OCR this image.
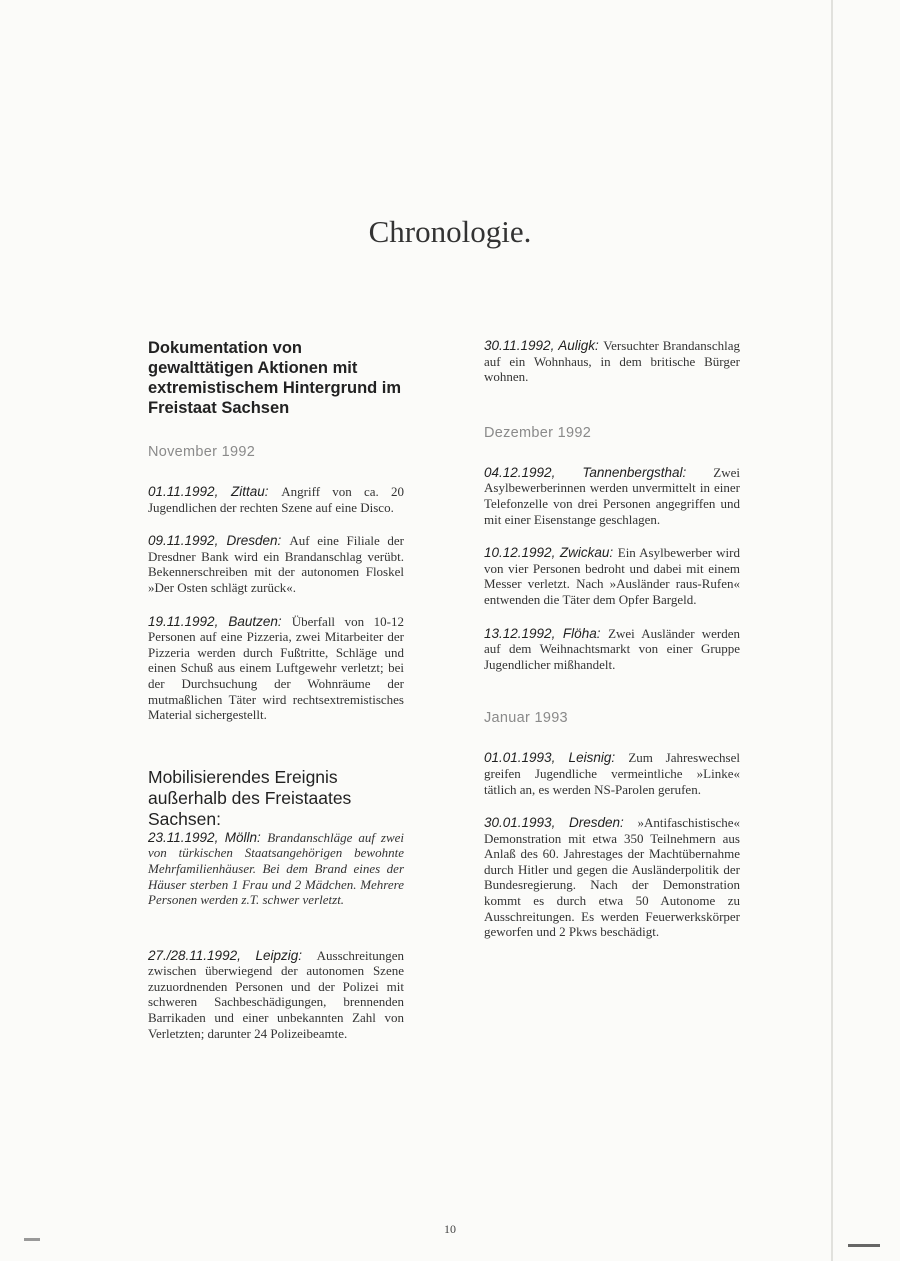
Chronologie.

Dokumentation von gewalttätigen Aktionen mit extremistischem Hintergrund im Freistaat Sachsen

November 1992

01.11.1992, Zittau: Angriff von ca. 20 Jugendlichen der rechten Szene auf eine Disco.

09.11.1992, Dresden: Auf eine Filiale der Dresdner Bank wird ein Brandanschlag verübt. Bekennerschreiben mit der autonomen Floskel »Der Osten schlägt zurück«.

19.11.1992, Bautzen: Überfall von 10-12 Personen auf eine Pizzeria, zwei Mitarbeiter der Pizzeria werden durch Fußtritte, Schläge und einen Schuß aus einem Luftgewehr verletzt; bei der Durchsuchung der Wohnräume der mutmaßlichen Täter wird rechtsextremistisches Material sichergestellt.

Mobilisierendes Ereignis außerhalb des Freistaates Sachsen:

23.11.1992, Mölln: Brandanschläge auf zwei von türkischen Staatsangehörigen bewohnte Mehrfamilienhäuser. Bei dem Brand eines der Häuser sterben 1 Frau und 2 Mädchen. Mehrere Personen werden z.T. schwer verletzt.

27./28.11.1992, Leipzig: Ausschreitungen zwischen überwiegend der autonomen Szene zuzuordnenden Personen und der Polizei mit schweren Sachbeschädigungen, brennenden Barrikaden und einer unbekannten Zahl von Verletzten; darunter 24 Polizeibeamte.

30.11.1992, Auligk: Versuchter Brandanschlag auf ein Wohnhaus, in dem britische Bürger wohnen.

Dezember 1992

04.12.1992, Tannenbergsthal: Zwei Asylbewerberinnen werden unvermittelt in einer Telefonzelle von drei Personen angegriffen und mit einer Eisenstange geschlagen.

10.12.1992, Zwickau: Ein Asylbewerber wird von vier Personen bedroht und dabei mit einem Messer verletzt. Nach »Ausländer raus-Rufen« entwenden die Täter dem Opfer Bargeld.

13.12.1992, Flöha: Zwei Ausländer werden auf dem Weihnachtsmarkt von einer Gruppe Jugendlicher mißhandelt.

Januar 1993

01.01.1993, Leisnig: Zum Jahreswechsel greifen Jugendliche vermeintliche »Linke« tätlich an, es werden NS-Parolen gerufen.

30.01.1993, Dresden: »Antifaschistische« Demonstration mit etwa 350 Teilnehmern aus Anlaß des 60. Jahrestages der Machtübernahme durch Hitler und gegen die Ausländerpolitik der Bundesregierung. Nach der Demonstration kommt es durch etwa 50 Autonome zu Ausschreitungen. Es werden Feuerwerkskörper geworfen und 2 Pkws beschädigt.

10
